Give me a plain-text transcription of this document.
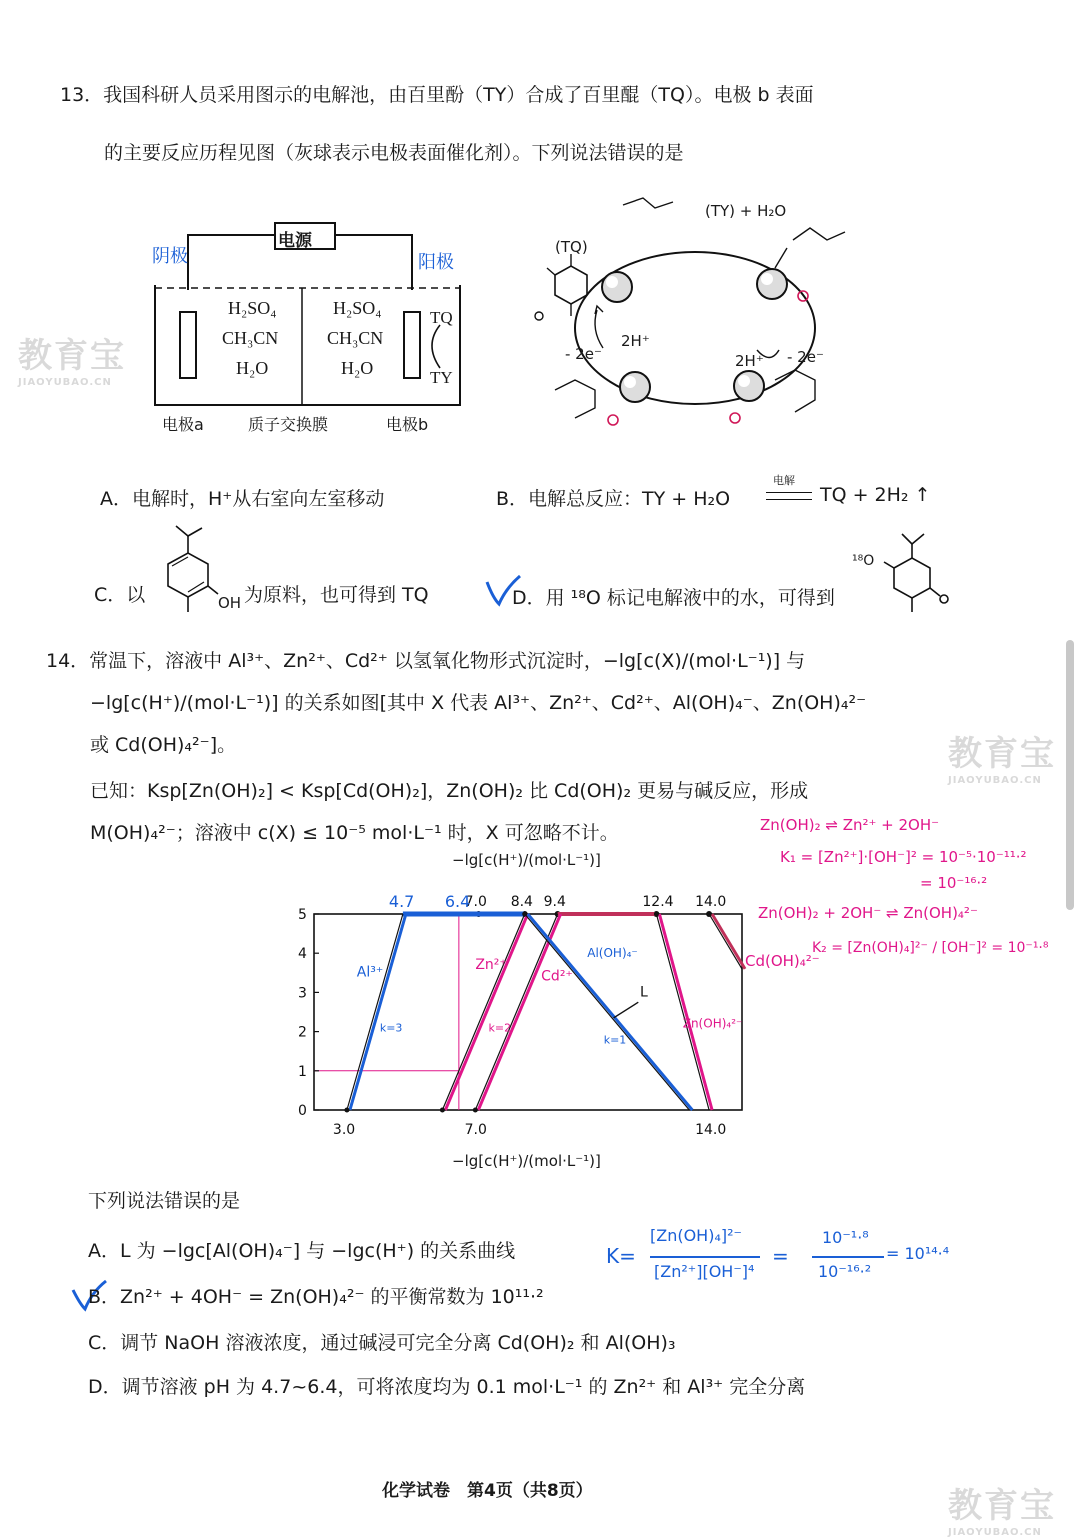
13．我国科研人员采用图示的电解池，由百里酚（TY）合成了百里醌（TQ）。电极 b 表面
的主要反应历程见图（灰球表示电极表面催化剂）。下列说法错误的是
电源
H₂SO₄
CH₃CN
H₂O
H₂SO₄
CH₃CN
H₂O
TQ
TY
电极a	质子交换膜	电极b
阴极	阳极
(TQ)
(TY) + H₂O
- 2e⁻
2H⁺
2H⁺ - 2e⁻
A．电解时，H⁺从右室向左室移动	B．电解总反应：TY + H₂O
电解
TQ + 2H₂ ↑
C．以	OH 为原料，也可得到 TQ	D．用 ¹⁸O 标记电解液中的水，可得到
¹⁸O
14．常温下，溶液中 Al³⁺、Zn²⁺、Cd²⁺ 以氢氧化物形式沉淀时，−lg[c(X)/(mol·L⁻¹)] 与
−lg[c(H⁺)/(mol·L⁻¹)] 的关系如图[其中 X 代表 Al³⁺、Zn²⁺、Cd²⁺、Al(OH)₄⁻、Zn(OH)₄²⁻
或 Cd(OH)₄²⁻]。
已知：Ksp[Zn(OH)₂] < Ksp[Cd(OH)₂]，Zn(OH)₂ 比 Cd(OH)₂ 更易与碱反应，形成
M(OH)₄²⁻；溶液中 c(X) ≤ 10⁻⁵ mol·L⁻¹ 时，X 可忽略不计。	Zn(OH)₂ ⇌ Zn²⁺ + 2OH⁻
K₁ = [Zn²⁺]·[OH⁻]² = 10⁻⁵·10⁻¹¹·²
= 10⁻¹⁶·²
Zn(OH)₂ + 2OH⁻ ⇌ Zn(OH)₄²⁻
Cd(OH)₄²⁻
K₂ = [Zn(OH)₄]²⁻ / [OH⁻]² = 10⁻¹·⁸
0
1
2
3
4
5
3.0	7.0	14.0
7.0 8.4 9.4	12.4 14.0
4.7 6.4
Al³⁺
k=3
Zn²⁺
k=2
Cd²⁺
Al(OH)₄⁻
L
k=1
Zn(OH)₄²⁻
−lg[c(H⁺)/(mol·L⁻¹)]
−lg[c(H⁺)/(mol·L⁻¹)]
下列说法错误的是
A．L 为 −lgc[Al(OH)₄⁻] 与 −lgc(H⁺) 的关系曲线
B．Zn²⁺ + 4OH⁻ = Zn(OH)₄²⁻ 的平衡常数为 10¹¹·²
C．调节 NaOH 溶液浓度，通过碱浸可完全分离 Cd(OH)₂ 和 Al(OH)₃
D．调节溶液 pH 为 4.7~6.4，可将浓度均为 0.1 mol·L⁻¹ 的 Zn²⁺ 和 Al³⁺ 完全分离
K=
[Zn(OH)₄]²⁻
[Zn²⁺][OH⁻]⁴
=
10⁻¹·⁸
10⁻¹⁶·²
= 10¹⁴·⁴
化学试卷　第4页（共8页）
教育宝
JIAOYUBAO.CN
教育宝
JIAOYUBAO.CN
教育宝
JIAOYUBAO.CN
